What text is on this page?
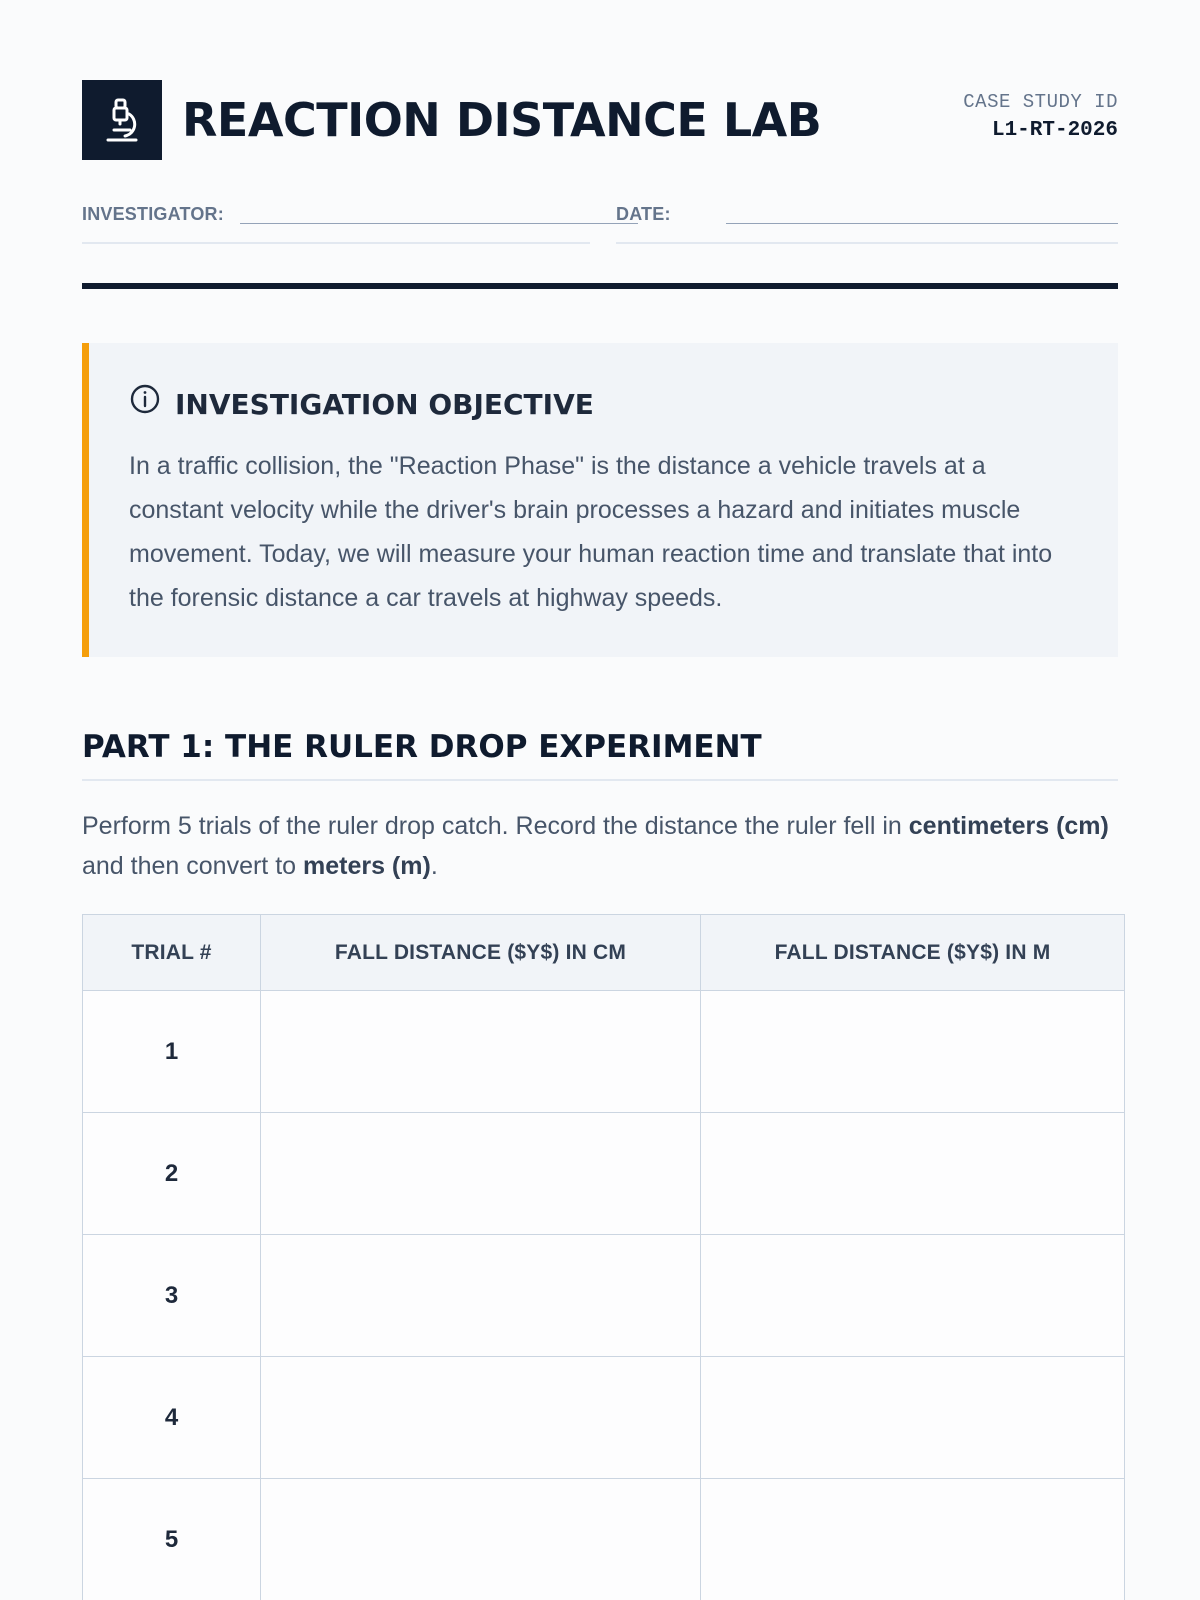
REACTION DISTANCE LAB	CASE STUDY ID
L1-RT-2026
INVESTIGATOR:	DATE:
INVESTIGATION OBJECTIVE

In a traffic collision, the "Reaction Phase" is the distance a vehicle travels at a constant velocity while the driver's brain processes a hazard and initiates muscle movement. Today, we will measure your human reaction time and translate that into the forensic distance a car travels at highway speeds.

PART 1: THE RULER DROP EXPERIMENT

Perform 5 trials of the ruler drop catch. Record the distance the ruler fell in centimeters (cm) and then convert to meters (m).

TRIAL #	FALL DISTANCE ($Y$) IN CM	FALL DISTANCE ($Y$) IN M
1		
2		
3		
4		
5		
